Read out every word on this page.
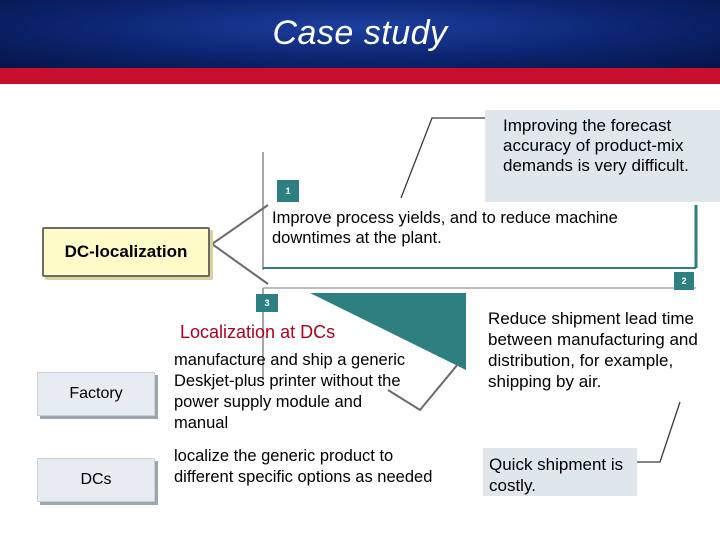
Case study
1
2
3
Improving the forecast accuracy of product-mix demands is very difficult.
Improve process yields, and to reduce machine downtimes at the plant.
DC-localization
Localization at DCs
Factory
manufacture and ship a generic Deskjet-plus printer without the power supply module and manual
DCs
localize the generic product to different specific options as needed
Reduce shipment lead time between manufacturing and distribution, for example, shipping by air.
Quick shipment is costly.
